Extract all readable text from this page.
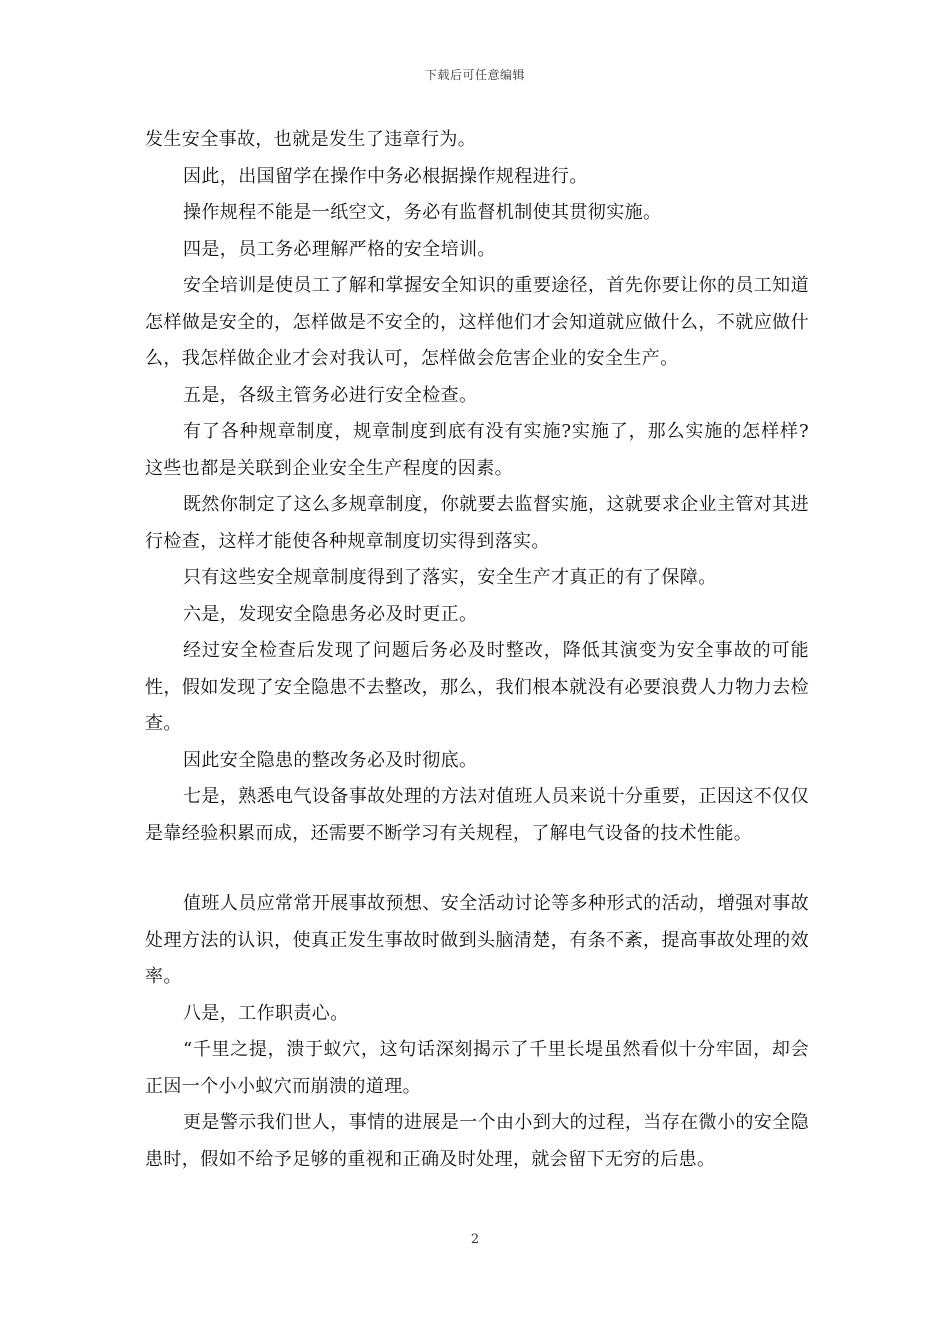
下载后可任意编辑

发生安全事故，也就是发生了违章行为。

因此，出国留学在操作中务必根据操作规程进行。

操作规程不能是一纸空文，务必有监督机制使其贯彻实施。

四是，员工务必理解严格的安全培训。

安全培训是使员工了解和掌握安全知识的重要途径，首先你要让你的员工知道怎样做是安全的，怎样做是不安全的，这样他们才会知道就应做什么，不就应做什么，我怎样做企业才会对我认可，怎样做会危害企业的安全生产。

五是，各级主管务必进行安全检查。

有了各种规章制度，规章制度到底有没有实施?实施了，那么实施的怎样样?这些也都是关联到企业安全生产程度的因素。

既然你制定了这么多规章制度，你就要去监督实施，这就要求企业主管对其进行检查，这样才能使各种规章制度切实得到落实。

只有这些安全规章制度得到了落实，安全生产才真正的有了保障。

六是，发现安全隐患务必及时更正。

经过安全检查后发现了问题后务必及时整改，降低其演变为安全事故的可能性，假如发现了安全隐患不去整改，那么，我们根本就没有必要浪费人力物力去检查。

因此安全隐患的整改务必及时彻底。

七是，熟悉电气设备事故处理的方法对值班人员来说十分重要，正因这不仅仅是靠经验积累而成，还需要不断学习有关规程，了解电气设备的技术性能。

值班人员应常常开展事故预想、安全活动讨论等多种形式的活动，增强对事故处理方法的认识，使真正发生事故时做到头脑清楚，有条不紊，提高事故处理的效率。

八是，工作职责心。

“千里之提，溃于蚁穴，这句话深刻揭示了千里长堤虽然看似十分牢固，却会正因一个小小蚁穴而崩溃的道理。

更是警示我们世人，事情的进展是一个由小到大的过程，当存在微小的安全隐患时，假如不给予足够的重视和正确及时处理，就会留下无穷的后患。

2
